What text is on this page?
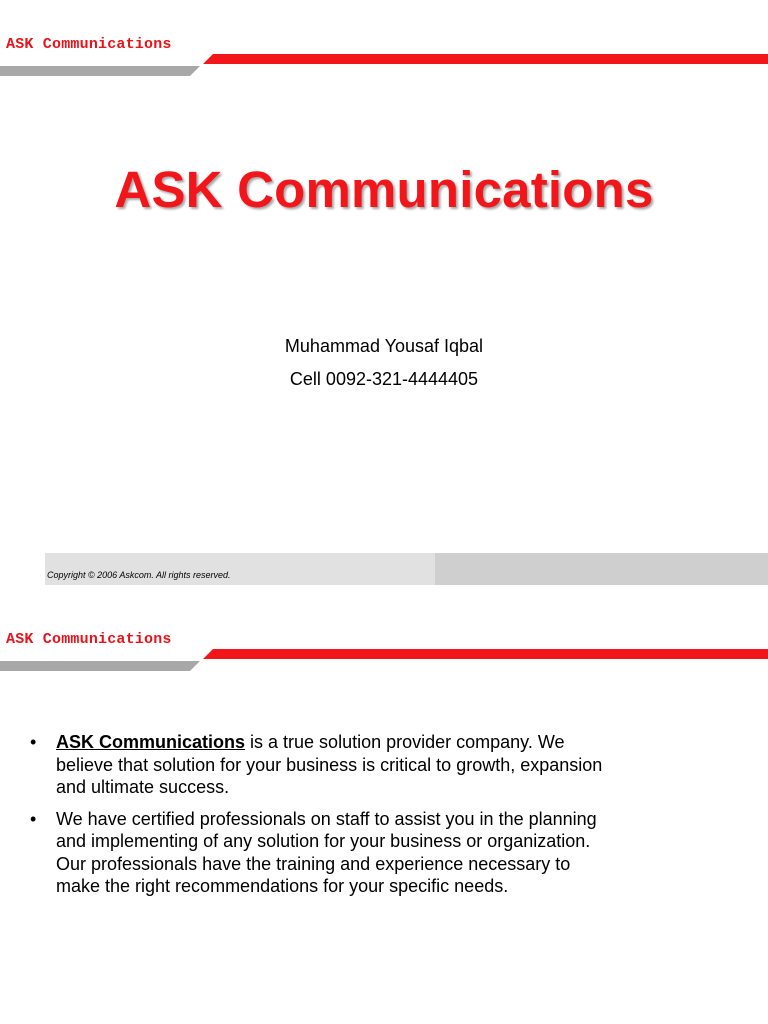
ASK Communications

ASK Communications

Muhammad Yousaf Iqbal

Cell 0092-321-4444405

Copyright © 2006 Askcom. All rights reserved.

ASK Communications

• ASK Communications is a true solution provider company. We
believe that solution for your business is critical to growth, expansion
and ultimate success.
• We have certified professionals on staff to assist you in the planning
and implementing of any solution for your business or organization.
Our professionals have the training and experience necessary to
make the right recommendations for your specific needs.
